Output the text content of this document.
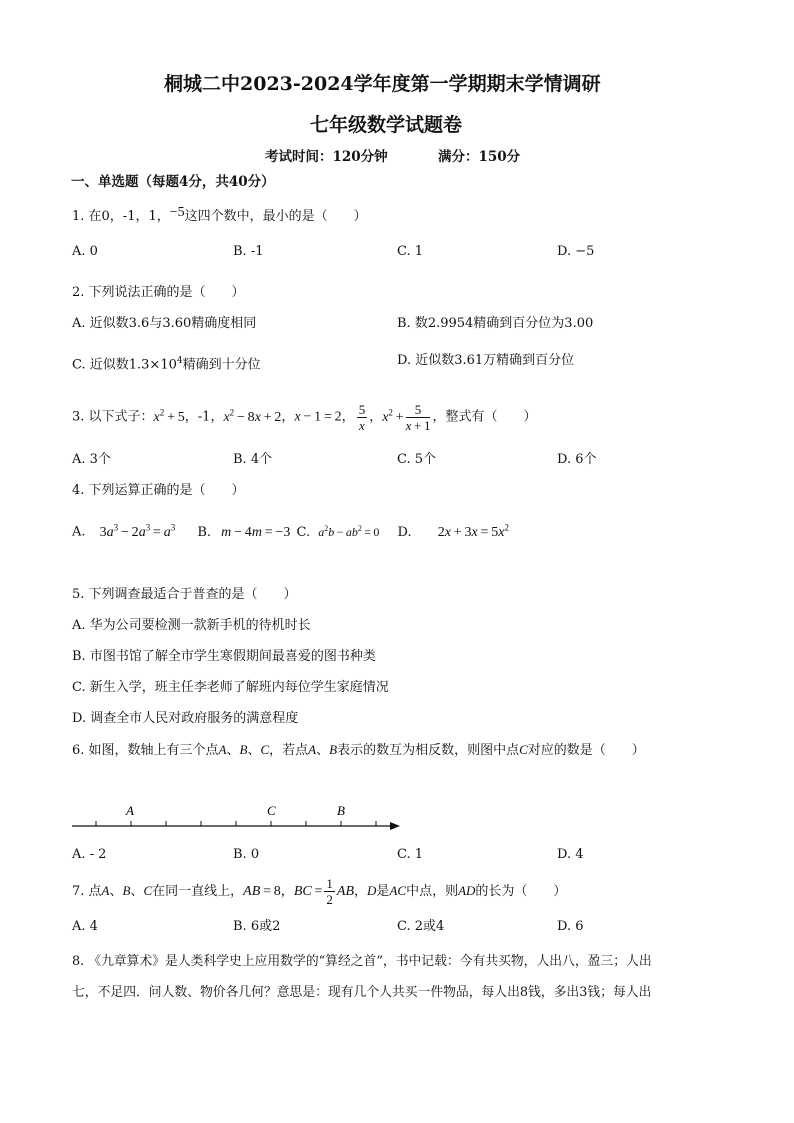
桐城二中2023-2024学年度第一学期期末学情调研
七年级数学试题卷
考试时间：120分钟	满分：150分
一、单选题（每题4分，共40分）
1. 在0，-1，1，−5这四个数中，最小的是（　　）
A. 0	B. -1	C. 1	D. −5
2. 下列说法正确的是（　　）
A. 近似数3.6与3.60精确度相同	B. 数2.9954精确到百分位为3.00
C. 近似数$1.3\times 10^4$精确到十分位	D. 近似数3.61万精确到百分位
3. 以下式子：$x^2 + 5$，-1，$x^2 - 8x + 2$，x − 1 = 2， $\frac{5}{x}$ ，$x^2 + \frac{5}{x + 1}$ ，整式有（　　）
A. 3个	B. 4个	C. 5个	D. 6个
4. 下列运算正确的是（　　）
A. $3a^3 - 2a^3 = a^3$ B. m − 4m = −3 C. $a^2b - ab^2 = 0$ D. $2x + 3x = 5x^2$
5. 下列调查最适合于普查的是（　　）
A. 华为公司要检测一款新手机的待机时长
B. 市图书馆了解全市学生寒假期间最喜爱的图书种类
C. 新生入学，班主任李老师了解班内每位学生家庭情况
D. 调查全市人民对政府服务的满意程度
6. 如图，数轴上有三个点A、B、C，若点A、B表示的数互为相反数，则图中点C对应的数是（　　）
A	C	B
A. - 2	B. 0	C. 1	D. 4
7. 点A、B、C在同一直线上，AB = 8，BC = $\frac{1}{2}$ AB，D是AC中点，则AD的长为（　　）
A. 4	B. 6或2	C. 2或4	D. 6
8. 《九章算术》是人类科学史上应用数学的“算经之首”，书中记载：今有共买物，人出八，盈三；人出
七，不足四．问人数、物价各几何？意思是：现有几个人共买一件物品，每人出8钱，多出3钱；每人出
